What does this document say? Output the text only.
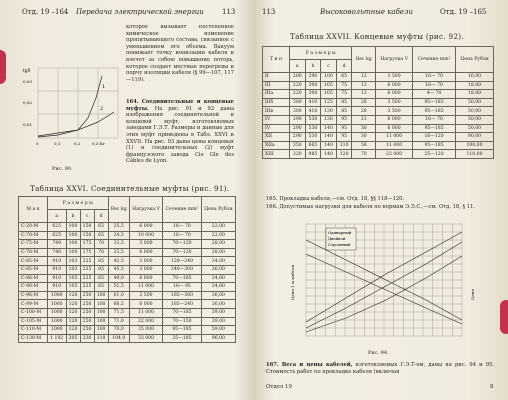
Отд. 19 –164 Передача электрической энергии	113
которое вызывает постепенное химическое изменение пропитывающего состава, связанное с уменьшением его объема. Вакуум понижает точку ионизации кабеля и влечет за собою повышение потерь, которое создает местные перегревы и порчу изоляции кабеля (§ 99—107, 117—119).
164. Соединительные и концевые муфты. На рис. 91 и 92 даны изображения соединительной и концевой муфт, изготовляемых заводами Г.Э.Т. Размеры и данные для этих муфт приведены в Табл. XXVI и XXVII. На рис. 93 даны цены концевых (1) и соединительных (2) муфт французского завода Cie Gle des Câbles de Lyon.
2
1
tgδ
0,03
0,02
0,01
0	0,1	0,2	0,3 Кг
Рис. 90.
Таблица XXVI. Соединительные муфты (рис. 91).
М а к	Р а з м е р ы				Вес kg	Нагрузка V	Сечение mm²	Цена Рубли
	a	b	c	d				
С-20-М	625	100	150	65	25,5	6 000	16— 70	22,00
С-70-М	625	100	150	65	24,5	10 000	16— 70	22,00
С-75-М	740	100	175	70	33,5	3 000	70—120	28,00
С-78-М	740	100	175	70	33,5	6 000	70—120	28,00
С-85-М	910	103	225	85	42,5	3 000	120—240	34,00
С-85-М	910	103	225	85	45,5	3 000	240—300	36,00
С-86-М	910	105	225	85	49,0	6 000	70—185	34,00
С-90-М	910	105	225	85	51,5	11 000	16— 95	34,00
С-96-М	1000	120	250	100	61,0	2 500	185—300	36,00
С-99-М	1000	120	250	100	66,5	6 000	185—240	36,00
С-100-М	1000	120	250	100	71,5	11 000	70—185	39,00
С-105-М	1000	120	250	100	71,0	22 000	70—150	39,00
С-110-М	1000	120	250	100	70,0	35 000	95—185	59,00
С-130-М	1 192	205	330	110	104,0	33 000	35—185	96,00
113	Высоковольтные кабели	Отд. 19 –165
Таблица XXVII. Концевые муфты (рис. 92).
Т и п	Р а з м е р ы				Вес kg	Нагрузка V	Сечение mm²	Цена Рубли
	a	b	c	d				
II	200	290	100	65	12	3 500	16— 70	16,00
III	220	300	105	75	13	6 000	16— 70	18,00
IIIa	220	300	105	75	13	6 000	4— 70	18,00
IIIб	300	410	125	85	28	3 500	95—185	50,00
IIIв	300	410	130	85	28	3 500	95—185	50,00
IV	290	530	130	95	21	6 000	16— 70	50,00
IV	290	530	140	95	30	6 000	95—185	50,00
XII	290	530	140	95	30	11 000	16—120	90,00
XIIa	350	665	140	110	58	11 000	95—185	100,00
XIII	320	985	140	120	70	22 000	25—120	110,00
165. Прокладка кабеля,—см. Отд. 18, §§ 118—120.
166. Допустимые нагрузки для кабеля по нормам Э.Э.С.,—см. Отд. 18, § 11.
Одинарный
Двойной
Строенный
Цена 1 м кабеля	Цена
Рис. 94.
167. Веса и цены кабелей, изготовляемых Г.Э.Т-ом, даны на рис. 94 и 95. Стоимость работ по прокладке кабеля (включая
Отдел 19	8
